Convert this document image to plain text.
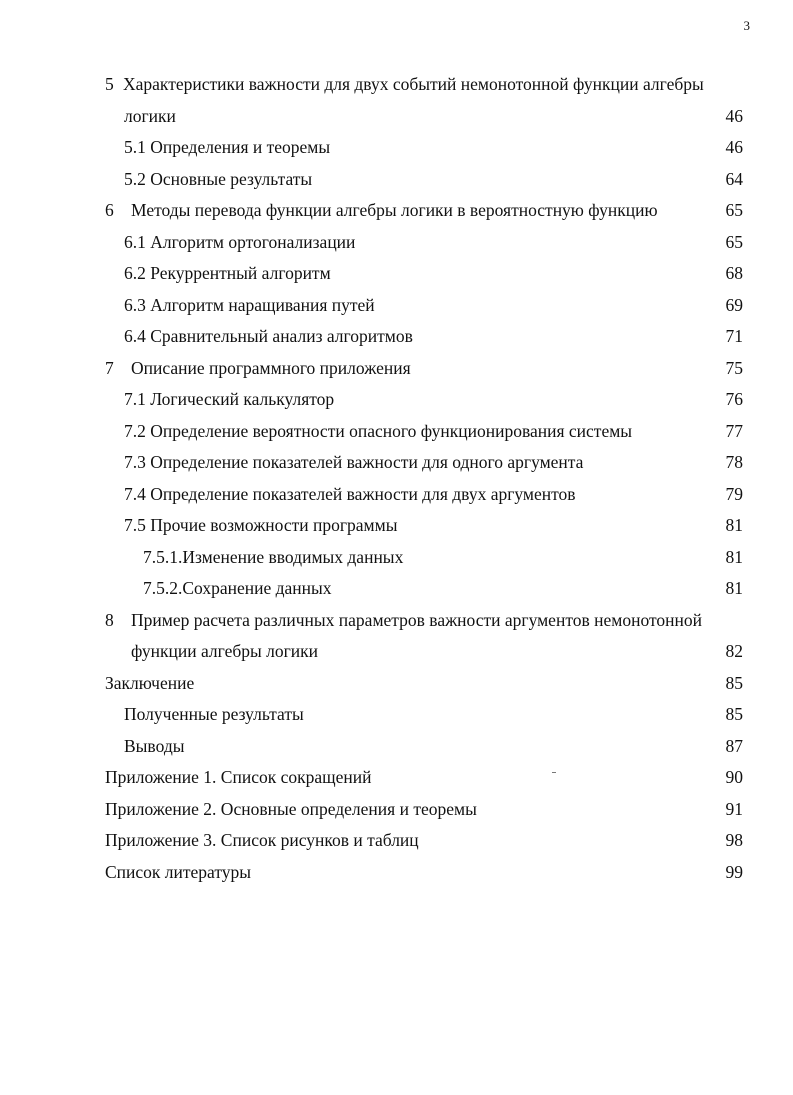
3
5 Характеристики важности для двух событий немонотонной функции алгебры
логики	46
5.1 Определения и теоремы	46
5.2 Основные результаты	64
6 Методы перевода функции алгебры логики в вероятностную функцию	65
6.1 Алгоритм ортогонализации	65
6.2 Рекуррентный алгоритм	68
6.3 Алгоритм наращивания путей	69
6.4 Сравнительный анализ алгоритмов	71
7 Описание программного приложения	75
7.1 Логический калькулятор	76
7.2 Определение вероятности опасного функционирования системы	77
7.3 Определение показателей важности для одного аргумента	78
7.4 Определение показателей важности для двух аргументов	79
7.5 Прочие возможности программы	81
7.5.1.Изменение вводимых данных	81
7.5.2.Сохранение данных	81
8 Пример расчета различных параметров важности аргументов немонотонной
функции алгебры логики	82
Заключение	85
Полученные результаты	85
Выводы	87
Приложение 1. Список сокращений	90
Приложение 2. Основные определения и теоремы	91
Приложение 3. Список рисунков и таблиц	98
Список литературы	99
